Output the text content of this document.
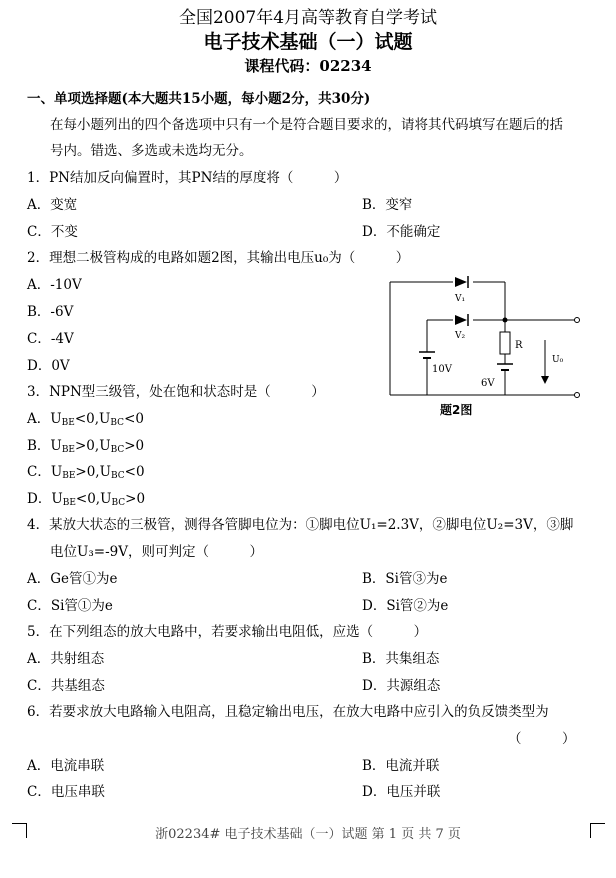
全国2007年4月高等教育自学考试
电子技术基础（一）试题
课程代码：02234
一、单项选择题(本大题共15小题，每小题2分，共30分)
在每小题列出的四个备选项中只有一个是符合题目要求的，请将其代码填写在题后的括
号内。错选、多选或未选均无分。
1．PN结加反向偏置时，其PN结的厚度将（　　　）
A．变宽	B．变窄
C．不变	D．不能确定
2．理想二极管构成的电路如题2图，其输出电压u₀为（　　　）
A．-10V
B．-6V
C．-4V
D．0V
V₁
V₂
R
10V
6V
U₀
题2图
3．NPN型三级管，处在饱和状态时是（　　　）
A．$U_{BE}<0,U_{BC}<0$
B．$U_{BE}>0,U_{BC}>0$
C．$U_{BE}>0,U_{BC}<0$
D．$U_{BE}<0,U_{BC}>0$
4．某放大状态的三极管，测得各管脚电位为：①脚电位U₁=2.3V，②脚电位U₂=3V，③脚
电位U₃=-9V，则可判定（　　　）
A．Ge管①为e	B．Si管③为e
C．Si管①为e	D．Si管②为e
5．在下列组态的放大电路中，若要求输出电阻低，应选（　　　）
A．共射组态	B．共集组态
C．共基组态	D．共源组态
6．若要求放大电路输入电阻高，且稳定输出电压，在放大电路中应引入的负反馈类型为
（　　　）
A．电流串联	B．电流并联
C．电压串联	D．电压并联
浙02234# 电子技术基础（一）试题 第 1 页 共 7 页
